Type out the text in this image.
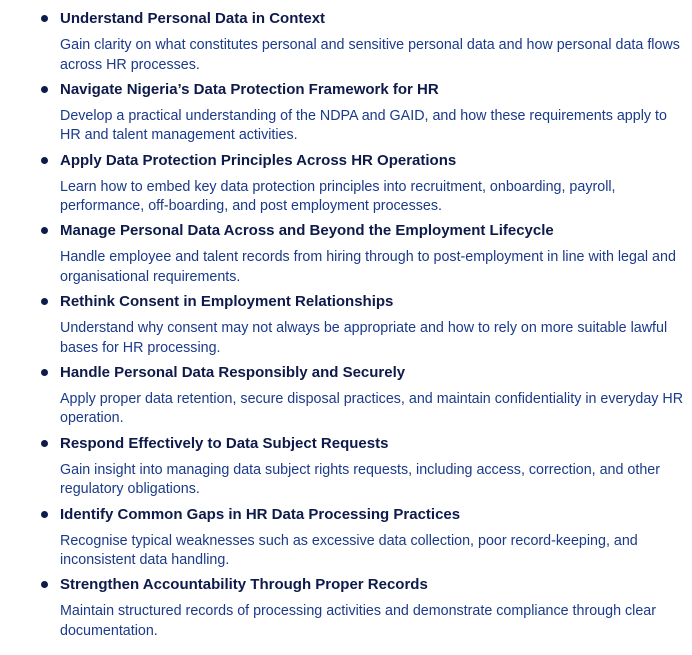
Understand Personal Data in Context
Gain clarity on what constitutes personal and sensitive personal data and how personal data flows across HR processes.
Navigate Nigeria’s Data Protection Framework for HR
Develop a practical understanding of the NDPA and GAID, and how these requirements apply to HR and talent management activities.
Apply Data Protection Principles Across HR Operations
Learn how to embed key data protection principles into recruitment, onboarding, payroll, performance, off-boarding, and post employment processes.
Manage Personal Data Across and Beyond the Employment Lifecycle
Handle employee and talent records from hiring through to post-employment in line with legal and organisational requirements.
Rethink Consent in Employment Relationships
Understand why consent may not always be appropriate and how to rely on more suitable lawful bases for HR processing.
Handle Personal Data Responsibly and Securely
Apply proper data retention, secure disposal practices, and maintain confidentiality in everyday HR operation.
Respond Effectively to Data Subject Requests
Gain insight into managing data subject rights requests, including access, correction, and other regulatory obligations.
Identify Common Gaps in HR Data Processing Practices
Recognise typical weaknesses such as excessive data collection, poor record-keeping, and inconsistent data handling.
Strengthen Accountability Through Proper Records
Maintain structured records of processing activities and demonstrate compliance through clear documentation.
